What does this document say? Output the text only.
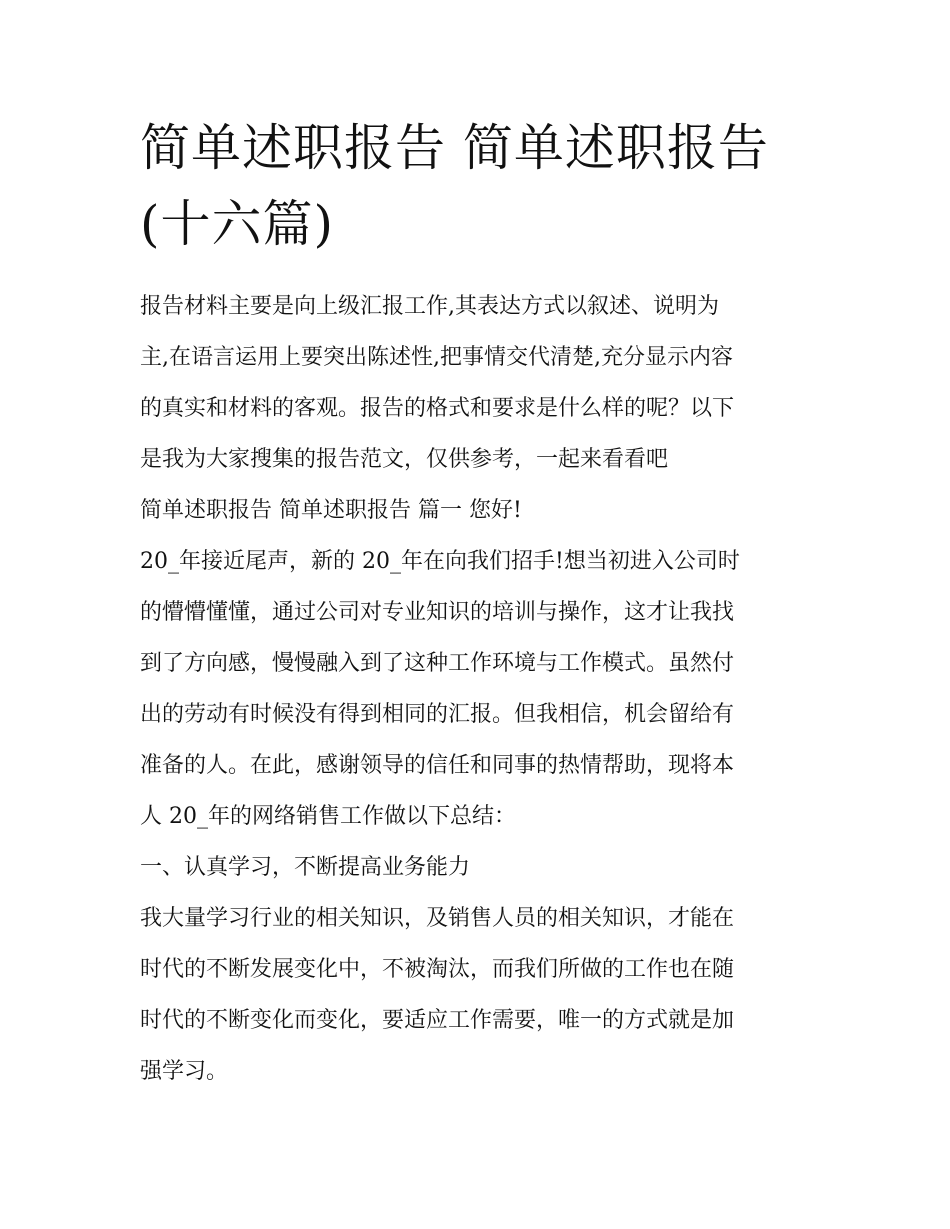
简单述职报告 简单述职报告
(十六篇)
报告材料主要是向上级汇报工作,其表达方式以叙述、说明为
主,在语言运用上要突出陈述性,把事情交代清楚,充分显示内容
的真实和材料的客观。报告的格式和要求是什么样的呢？以下
是我为大家搜集的报告范文，仅供参考，一起来看看吧
简单述职报告 简单述职报告 篇一 您好!
20_年接近尾声，新的 20_年在向我们招手!想当初进入公司时
的懵懵懂懂，通过公司对专业知识的培训与操作，这才让我找
到了方向感，慢慢融入到了这种工作环境与工作模式。虽然付
出的劳动有时候没有得到相同的汇报。但我相信，机会留给有
准备的人。在此，感谢领导的信任和同事的热情帮助，现将本
人 20_年的网络销售工作做以下总结：
一、认真学习，不断提高业务能力
我大量学习行业的相关知识，及销售人员的相关知识，才能在
时代的不断发展变化中，不被淘汰，而我们所做的工作也在随
时代的不断变化而变化，要适应工作需要，唯一的方式就是加
强学习。
